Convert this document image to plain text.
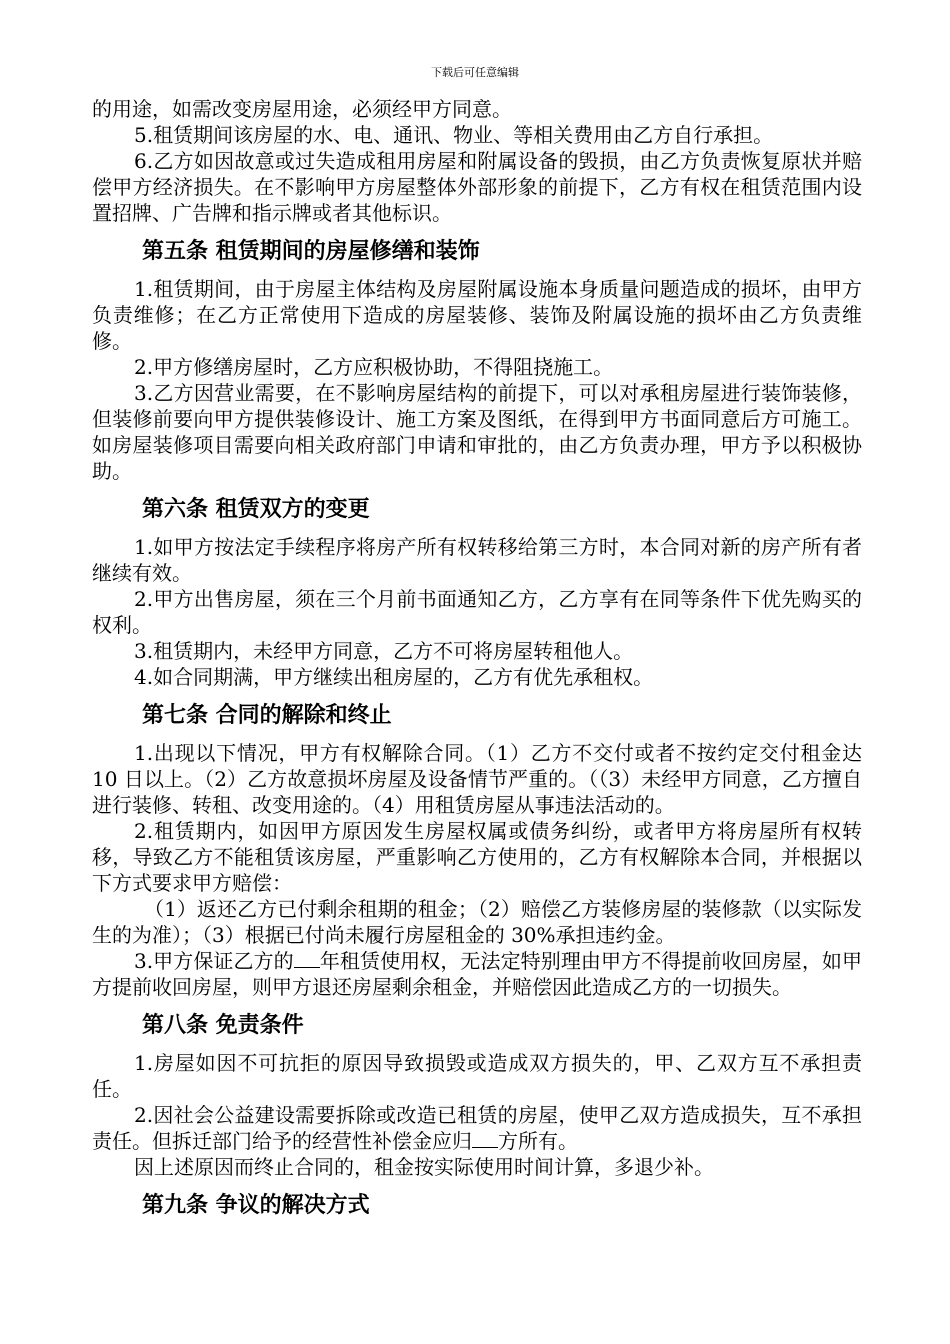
下载后可任意编辑

的用途，如需改变房屋用途，必须经甲方同意。

5.租赁期间该房屋的水、电、通讯、物业、等相关费用由乙方自行承担。

6.乙方如因故意或过失造成租用房屋和附属设备的毁损，由乙方负责恢复原状并赔偿甲方经济损失。在不影响甲方房屋整体外部形象的前提下，乙方有权在租赁范围内设置招牌、广告牌和指示牌或者其他标识。

第五条 租赁期间的房屋修缮和装饰

1.租赁期间，由于房屋主体结构及房屋附属设施本身质量问题造成的损坏，由甲方负责维修；在乙方正常使用下造成的房屋装修、装饰及附属设施的损坏由乙方负责维修。

2.甲方修缮房屋时，乙方应积极协助，不得阻挠施工。

3.乙方因营业需要，在不影响房屋结构的前提下，可以对承租房屋进行装饰装修，但装修前要向甲方提供装修设计、施工方案及图纸，在得到甲方书面同意后方可施工。如房屋装修项目需要向相关政府部门申请和审批的，由乙方负责办理，甲方予以积极协助。

第六条 租赁双方的变更

1.如甲方按法定手续程序将房产所有权转移给第三方时，本合同对新的房产所有者继续有效。

2.甲方出售房屋，须在三个月前书面通知乙方，乙方享有在同等条件下优先购买的权利。

3.租赁期内，未经甲方同意，乙方不可将房屋转租他人。

4.如合同期满，甲方继续出租房屋的，乙方有优先承租权。

第七条 合同的解除和终止

1.出现以下情况，甲方有权解除合同。（1）乙方不交付或者不按约定交付租金达 10 日以上。（2）乙方故意损坏房屋及设备情节严重的。（（3）未经甲方同意，乙方擅自进行装修、转租、改变用途的。（4）用租赁房屋从事违法活动的。

2.租赁期内，如因甲方原因发生房屋权属或债务纠纷，或者甲方将房屋所有权转移，导致乙方不能租赁该房屋，严重影响乙方使用的，乙方有权解除本合同，并根据以下方式要求甲方赔偿：

（1）返还乙方已付剩余租期的租金；（2）赔偿乙方装修房屋的装修款（以实际发生的为准）；（3）根据已付尚未履行房屋租金的 30%承担违约金。

3.甲方保证乙方的 年租赁使用权，无法定特别理由甲方不得提前收回房屋，如甲方提前收回房屋，则甲方退还房屋剩余租金，并赔偿因此造成乙方的一切损失。

第八条 免责条件

1.房屋如因不可抗拒的原因导致损毁或造成双方损失的，甲、乙双方互不承担责任。

2.因社会公益建设需要拆除或改造已租赁的房屋，使甲乙双方造成损失，互不承担责任。但拆迁部门给予的经营性补偿金应归 方所有。

因上述原因而终止合同的，租金按实际使用时间计算，多退少补。

第九条 争议的解决方式
